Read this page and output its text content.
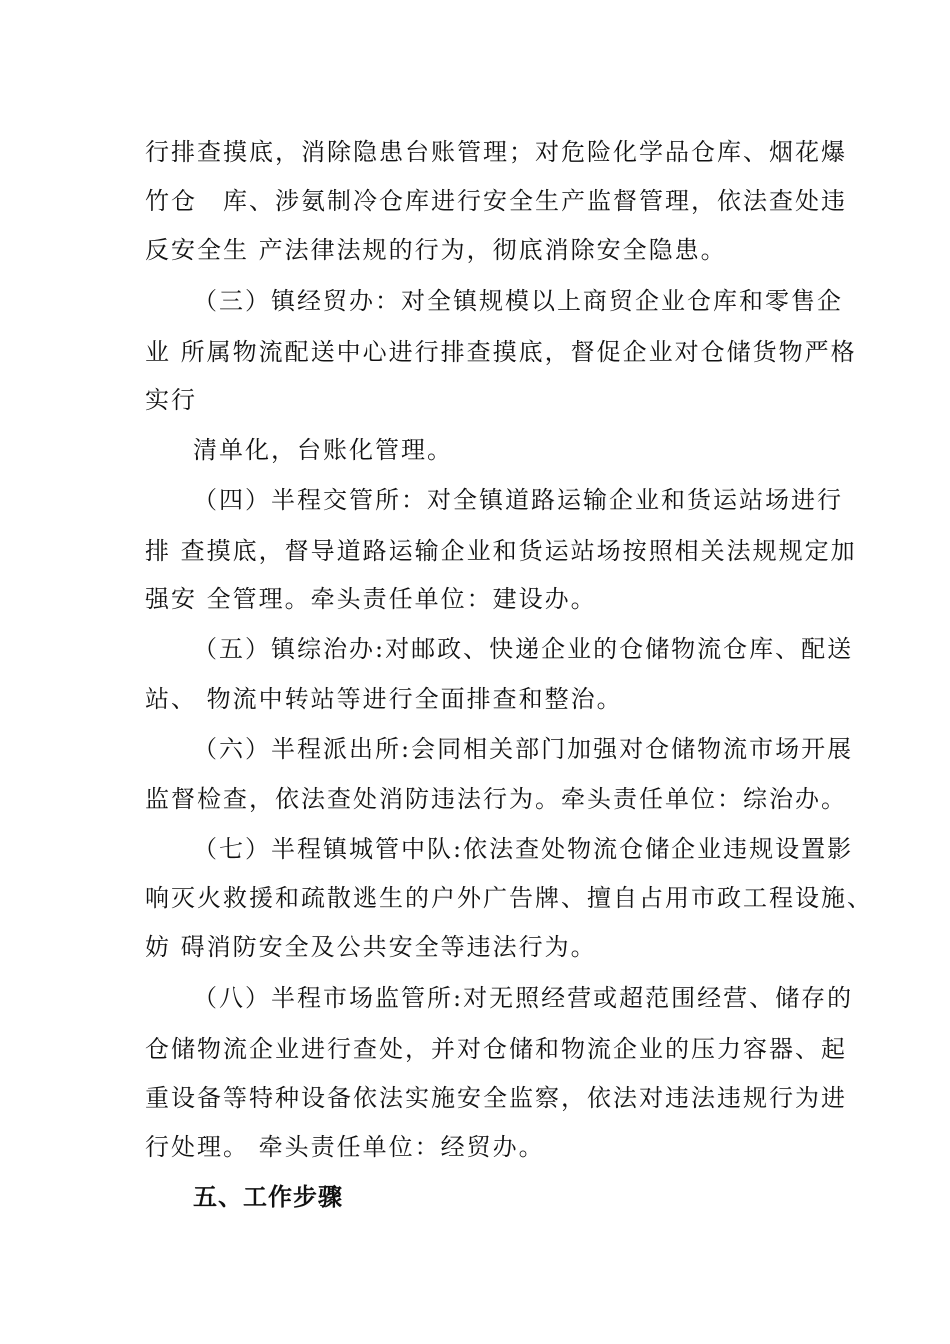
行排查摸底，消除隐患台账管理；对危险化学品仓库、烟花爆
竹仓　库、涉氨制冷仓库进行安全生产监督管理，依法查处违
反安全生 产法律法规的行为，彻底消除安全隐患。
（三）镇经贸办：对全镇规模以上商贸企业仓库和零售企
业 所属物流配送中心进行排查摸底，督促企业对仓储货物严格
实行
清单化，台账化管理。
（四）半程交管所：对全镇道路运输企业和货运站场进行
排 查摸底，督导道路运输企业和货运站场按照相关法规规定加
强安 全管理。牵头责任单位：建设办。
（五）镇综治办:对邮政、快递企业的仓储物流仓库、配送
站、 物流中转站等进行全面排查和整治。
（六）半程派出所:会同相关部门加强对仓储物流市场开展
监督检查，依法查处消防违法行为。牵头责任单位：综治办。
（七）半程镇城管中队:依法查处物流仓储企业违规设置影
响灭火救援和疏散逃生的户外广告牌、擅自占用市政工程设施、
妨 碍消防安全及公共安全等违法行为。
（八）半程市场监管所:对无照经营或超范围经营、储存的
仓储物流企业进行查处，并对仓储和物流企业的压力容器、起
重设备等特种设备依法实施安全监察，依法对违法违规行为进
行处理。 牵头责任单位：经贸办。
五、工作步骤
